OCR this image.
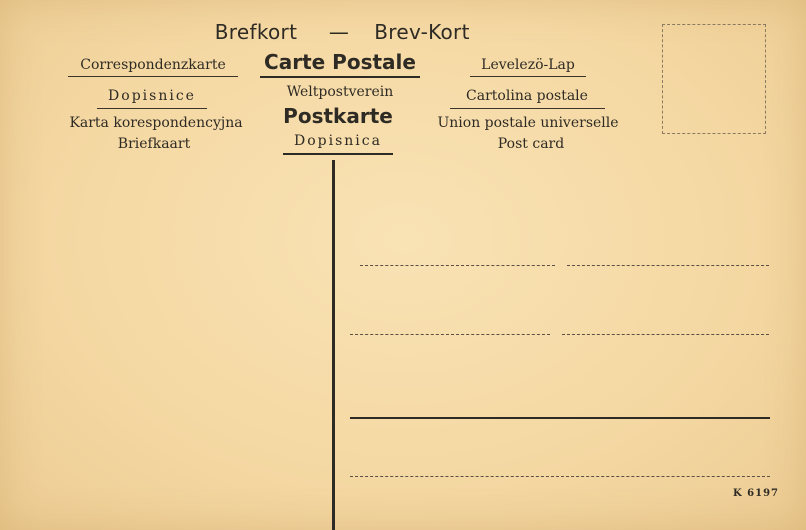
Brefkort — Brev-Kort
Correspondenzkarte
Dopisnice
Karta korespondencyjna
Briefkaart
Carte Postale
Weltpostverein
Postkarte
Dopisnica
Levelezö-Lap
Cartolina postale
Union postale universelle
Post card
K 6197
